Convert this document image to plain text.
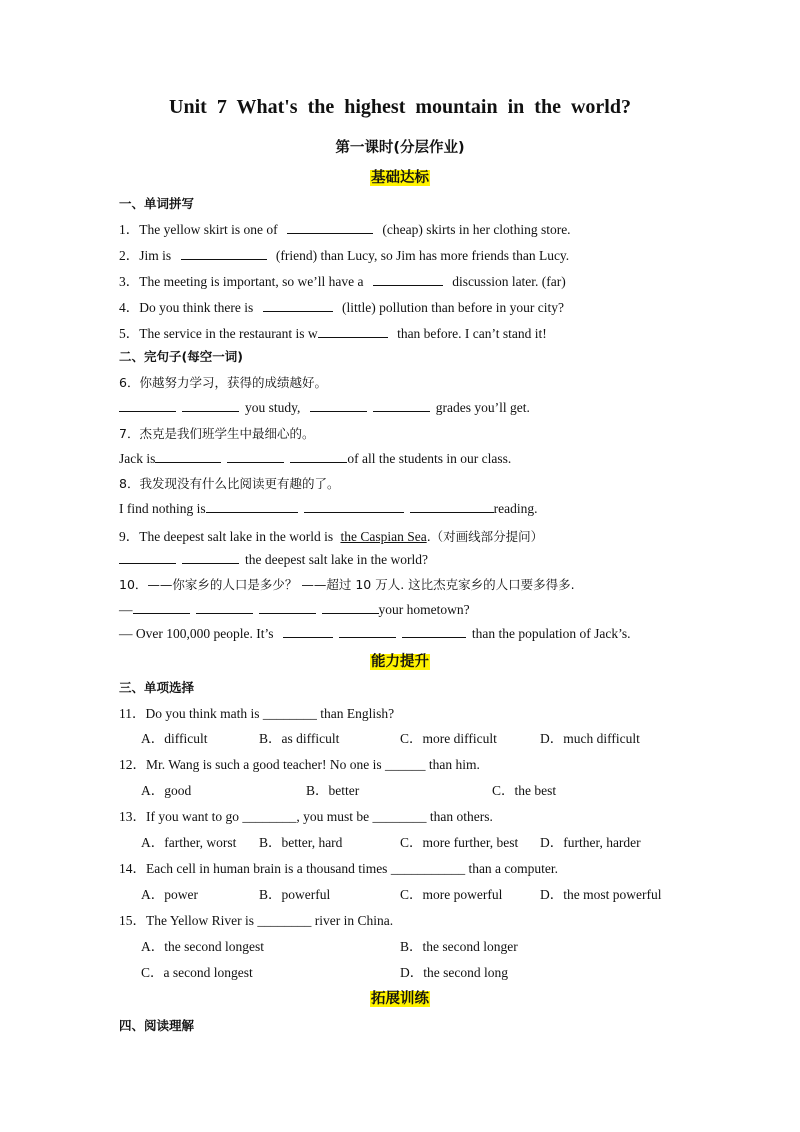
Unit 7 What's the highest mountain in the world?
第一课时(分层作业)
基础达标
一、单词拼写
1．The yellow skirt is one of	(cheap) skirts in her clothing store.
2．Jim is	(friend) than Lucy, so Jim has more friends than Lucy.
3．The meeting is important, so we’ll have a	discussion later. (far)
4．Do you think there is	(little) pollution than before in your city?
5．The service in the restaurant is w	than before. I can’t stand it!
二、完句子(每空一词)
6．你越努力学习，获得的成绩越好。
you study,	grades you’ll get.
7．杰克是我们班学生中最细心的。
Jack is	of all the students in our class.
8．我发现没有什么比阅读更有趣的了。
I find nothing is	reading.
9．The deepest salt lake in the world is the Caspian Sea.（对画线部分提问）
the deepest salt lake in the world?
10．——你家乡的人口是多少？ ——超过 10 万人. 这比杰克家乡的人口要多得多.
—	your hometown?
— Over 100,000 people. It’s	than the population of Jack’s.
能力提升
三、单项选择
11．Do you think math is ________ than English?
A．difficult	B．as difficult	C．more difficult	D．much difficult
12．Mr. Wang is such a good teacher! No one is ______ than him.
A．good	B．better	C．the best
13．If you want to go ________, you must be ________ than others.
A．farther, worst B．better, hard	C．more further, best D．further, harder
14．Each cell in human brain is a thousand times ___________ than a computer.
A．power	B．powerful	C．more powerful	D．the most powerful
15．The Yellow River is ________ river in China.
A．the second longest	B．the second longer
C．a second longest	D．the second long
拓展训练
四、阅读理解
